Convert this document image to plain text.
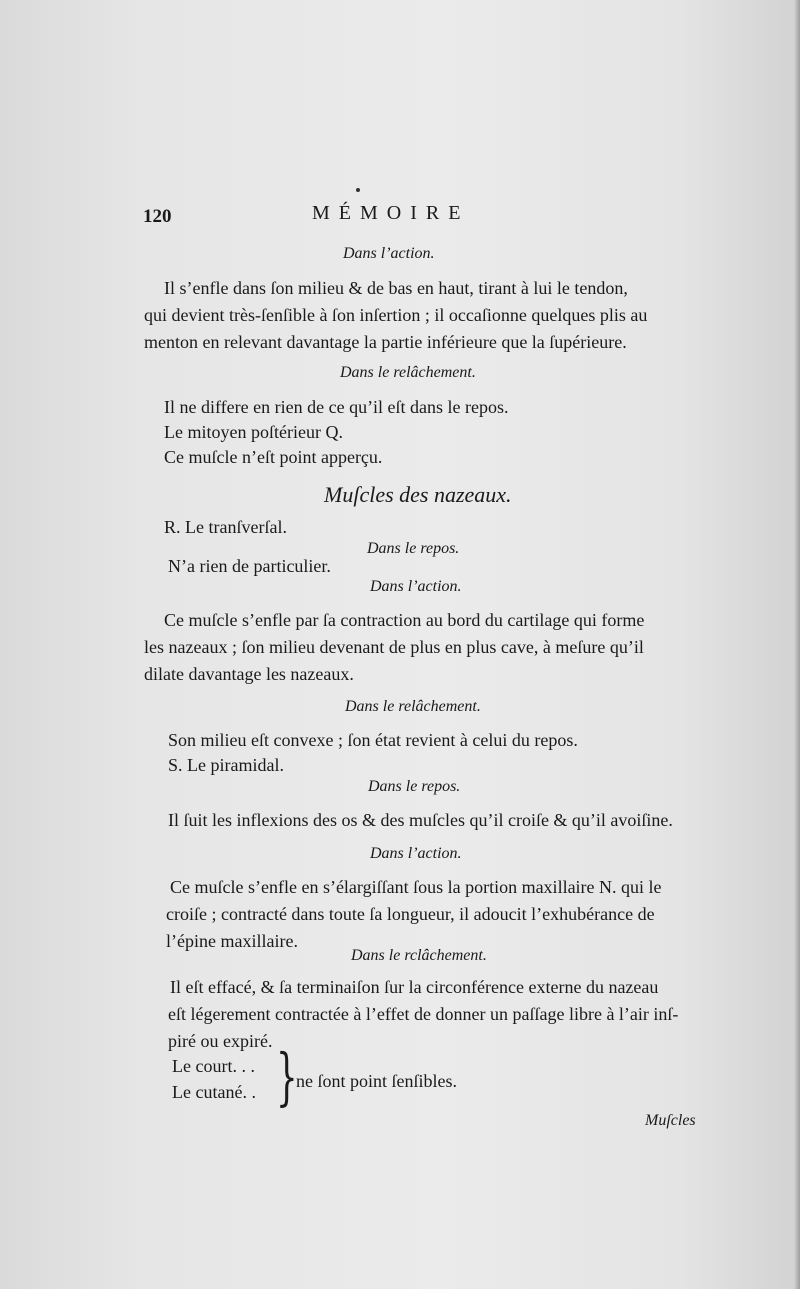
120	MÉMOIRE
Dans l’action.
Il s’enfle dans ſon milieu & de bas en haut, tirant à lui le tendon,
qui devient très-ſenſible à ſon inſertion ; il occaſionne quelques plis au
menton en relevant davantage la partie inférieure que la ſupérieure.
Dans le relâchement.
Il ne differe en rien de ce qu’il eſt dans le repos.
Le mitoyen poſtérieur Q.
Ce muſcle n’eſt point apperçu.
Muſcles des nazeaux.
R. Le tranſverſal.
Dans le repos.
N’a rien de particulier.
Dans l’action.
Ce muſcle s’enfle par ſa contraction au bord du cartilage qui forme
les nazeaux ; ſon milieu devenant de plus en plus cave, à meſure qu’il
dilate davantage les nazeaux.
Dans le relâchement.
Son milieu eſt convexe ; ſon état revient à celui du repos.
S. Le piramidal.
Dans le repos.
Il ſuit les inflexions des os & des muſcles qu’il croiſe & qu’il avoiſine.
Dans l’action.
Ce muſcle s’enfle en s’élargiſſant ſous la portion maxillaire N. qui le
croiſe ; contracté dans toute ſa longueur, il adoucit l’exhubérance de
l’épine maxillaire.
Dans le rclâchement.
Il eſt effacé, & ſa terminaiſon ſur la circonférence externe du nazeau
eſt légerement contractée à l’effet de donner un paſſage libre à l’air inſ-
piré ou expiré.
Le court. . .
Le cutané. . }
ne ſont point ſenſibles.
Muſcles
